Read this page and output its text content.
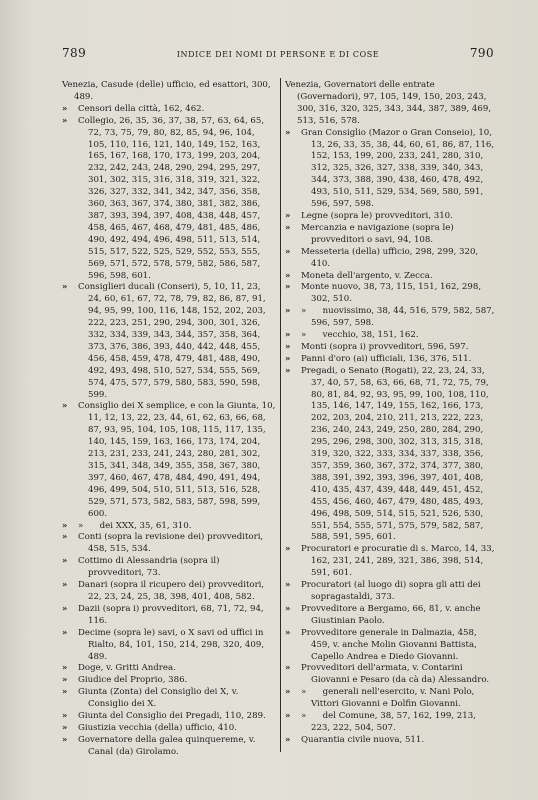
789	INDICE DEI NOMI DI PERSONE E DI COSE	790

Venezia, Casude (delle) ufficio, ed esattori, 300, 489.

»	Censori della città, 162, 462.

»	Collegio, 26, 35, 36, 37, 38, 57, 63, 64, 65, 72, 73, 75, 79, 80, 82, 85, 94, 96, 104, 105, 110, 116, 121, 140, 149, 152, 163, 165, 167, 168, 170, 173, 199, 203, 204, 232, 242, 243, 248, 290, 294, 295, 297, 301, 302, 315, 316, 318, 319, 321, 322, 326, 327, 332, 341, 342, 347, 356, 358, 360, 363, 367, 374, 380, 381, 382, 386, 387, 393, 394, 397, 408, 438, 448, 457, 458, 465, 467, 468, 479, 481, 485, 486, 490, 492, 494, 496, 498, 511, 513, 514, 515, 517, 522, 525, 529, 552, 553, 555, 569, 571, 572, 578, 579, 582, 586, 587, 596, 598, 601.

»	Consiglieri ducali (Conseri), 5, 10, 11, 23, 24, 60, 61, 67, 72, 78, 79, 82, 86, 87, 91, 94, 95, 99, 100, 116, 148, 152, 202, 203, 222, 223, 251, 290, 294, 300, 301, 326, 332, 334, 339, 343, 344, 357, 358, 364, 373, 376, 386, 393, 440, 442, 448, 455, 456, 458, 459, 478, 479, 481, 488, 490, 492, 493, 498, 510, 527, 534, 555, 569, 574, 475, 577, 579, 580, 583, 590, 598, 599.

»	Consiglio dei X semplice, e con la Giunta, 10, 11, 12, 13, 22, 23, 44, 61, 62, 63, 66, 68, 87, 93, 95, 104, 105, 108, 115, 117, 135, 140, 145, 159, 163, 166, 173, 174, 204, 213, 231, 233, 241, 243, 280, 281, 302, 315, 341, 348, 349, 355, 358, 367, 380, 397, 460, 467, 478, 484, 490, 491, 494, 496, 499, 504, 510, 511, 513, 516, 528, 529, 571, 573, 582, 583, 587, 598, 599, 600.

»	»      dei XXX, 35, 61, 310.

»	Conti (sopra la revisione dei) provveditori, 458, 515, 534.

»	Cottimo di Alessandria (sopra il) provveditori, 73.

»	Danari (sopra il ricupero dei) provveditori, 22, 23, 24, 25, 38, 398, 401, 408, 582.

»	Dazii (sopra i) provveditori, 68, 71, 72, 94, 116.

»	Decime (sopra le) savi, o X savi od uffici in Rialto, 84, 101, 150, 214, 298, 320, 409, 489.

»	Doge, v. Gritti Andrea.

»	Giudice del Proprio, 386.

»	Giunta (Zonta) del Consiglio dei X, v. Consiglio dei X.

»	Giunta del Consiglio dei Pregadi, 110, 289.

»	Giustizia vecchia (della) ufficio, 410.

»	Governatore della galea quinquereme, v. Canal (da) Girolamo.

Venezia, Governatori delle entrate (Governadori), 97, 105, 149, 150, 203, 243, 300, 316, 320, 325, 343, 344, 387, 389, 469, 513, 516, 578.

»	Gran Consiglio (Mazor o Gran Conseio), 10, 13, 26, 33, 35, 38, 44, 60, 61, 86, 87, 116, 152, 153, 199, 200, 233, 241, 280, 310, 312, 325, 326, 327, 338, 339, 340, 343, 344, 373, 388, 390, 438, 460, 478, 492, 493, 510, 511, 529, 534, 569, 580, 591, 596, 597, 598.

»	Legne (sopra le) provveditori, 310.

»	Mercanzia e navigazione (sopra le) provveditori o savi, 94, 108.

»	Messeteria (della) ufficio, 298, 299, 320, 410.

»	Moneta dell'argento, v. Zecca.

»	Monte nuovo, 38, 73, 115, 151, 162, 298, 302, 510.

»	»      nuovissimo, 38, 44, 516, 579, 582, 587, 596, 597, 598.

»	»      vecchio, 38, 151, 162.

»	Monti (sopra i) provveditori, 596, 597.

»	Panni d'oro (ai) ufficiali, 136, 376, 511.

»	Pregadi, o Senato (Rogati), 22, 23, 24, 33, 37, 40, 57, 58, 63, 66, 68, 71, 72, 75, 79, 80, 81, 84, 92, 93, 95, 99, 100, 108, 110, 135, 146, 147, 149, 155, 162, 166, 173, 202, 203, 204, 210, 211, 213, 222, 223, 236, 240, 243, 249, 250, 280, 284, 290, 295, 296, 298, 300, 302, 313, 315, 318, 319, 320, 322, 333, 334, 337, 338, 356, 357, 359, 360, 367, 372, 374, 377, 380, 388, 391, 392, 393, 396, 397, 401, 408, 410, 435, 437, 439, 448, 449, 451, 452, 455, 456, 460, 467, 479, 480, 485, 493, 496, 498, 509, 514, 515, 521, 526, 530, 551, 554, 555, 571, 575, 579, 582, 587, 588, 591, 595, 601.

»	Procuratori e procuratie di s. Marco, 14, 33, 162, 231, 241, 289, 321, 386, 398, 514, 591, 601.

»	Procuratori (al luogo di) sopra gli atti dei sopragastaldi, 373.

»	Provveditore a Bergamo, 66, 81, v. anche Giustinian Paolo.

»	Provveditore generale in Dalmazia, 458, 459, v. anche Molin Giovanni Battista, Capello Andrea e Diedo Giovanni.

»	Provveditori dell'armata, v. Contarini Giovanni e Pesaro (da cà da) Alessandro.

»	»      generali nell'esercito, v. Nani Polo, Vittori Giovanni e Dolfin Giovanni.

»	»      del Comune, 38, 57, 162, 199, 213, 223, 222, 504, 507.

»	Quarantia civile nuova, 511.
